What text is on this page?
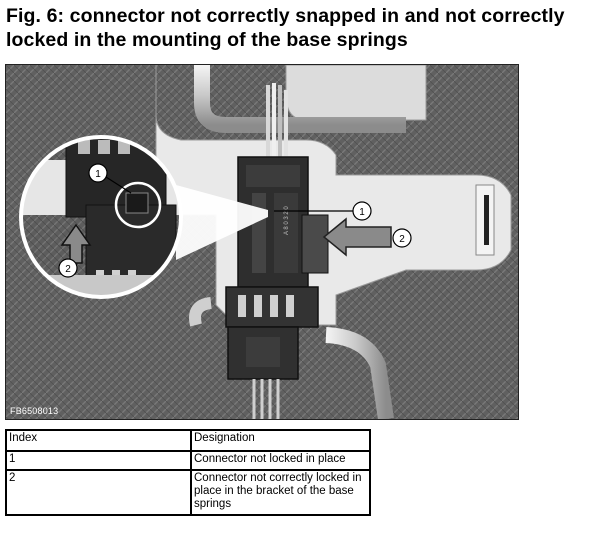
Fig. 6: connector not correctly snapped in and not correctly locked in the mounting of the base springs
A 8 0 3 2 0
1
2
1
2
FB6508013
Index	Designation
1	Connector not locked in place
2	Connector not correctly locked in place in the bracket of the base springs
